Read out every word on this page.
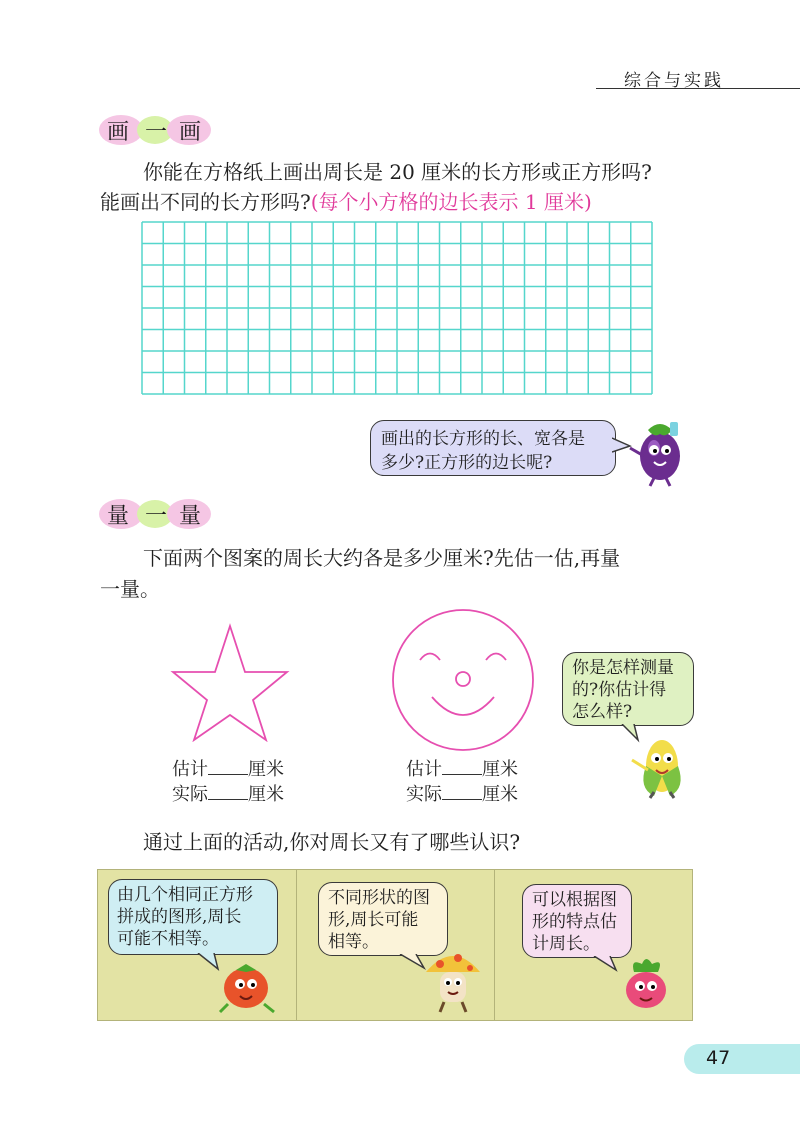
综合与实践
画 一 画
你能在方格纸上画出周长是 20 厘米的长方形或正方形吗?
能画出不同的长方形吗?(每个小方格的边长表示 1 厘米)
画出的长方形的长、宽各是
多少?正方形的边长呢?
量 一 量
下面两个图案的周长大约各是多少厘米?先估一估,再量
一量。
估计 厘米
实际 厘米
估计 厘米
实际 厘米
你是怎样测量
的?你估计得
怎么样?
通过上面的活动,你对周长又有了哪些认识?
由几个相同正方形
拼成的图形,周长
可能不相等。
不同形状的图
形,周长可能
相等。
可以根据图
形的特点估
计周长。
47
